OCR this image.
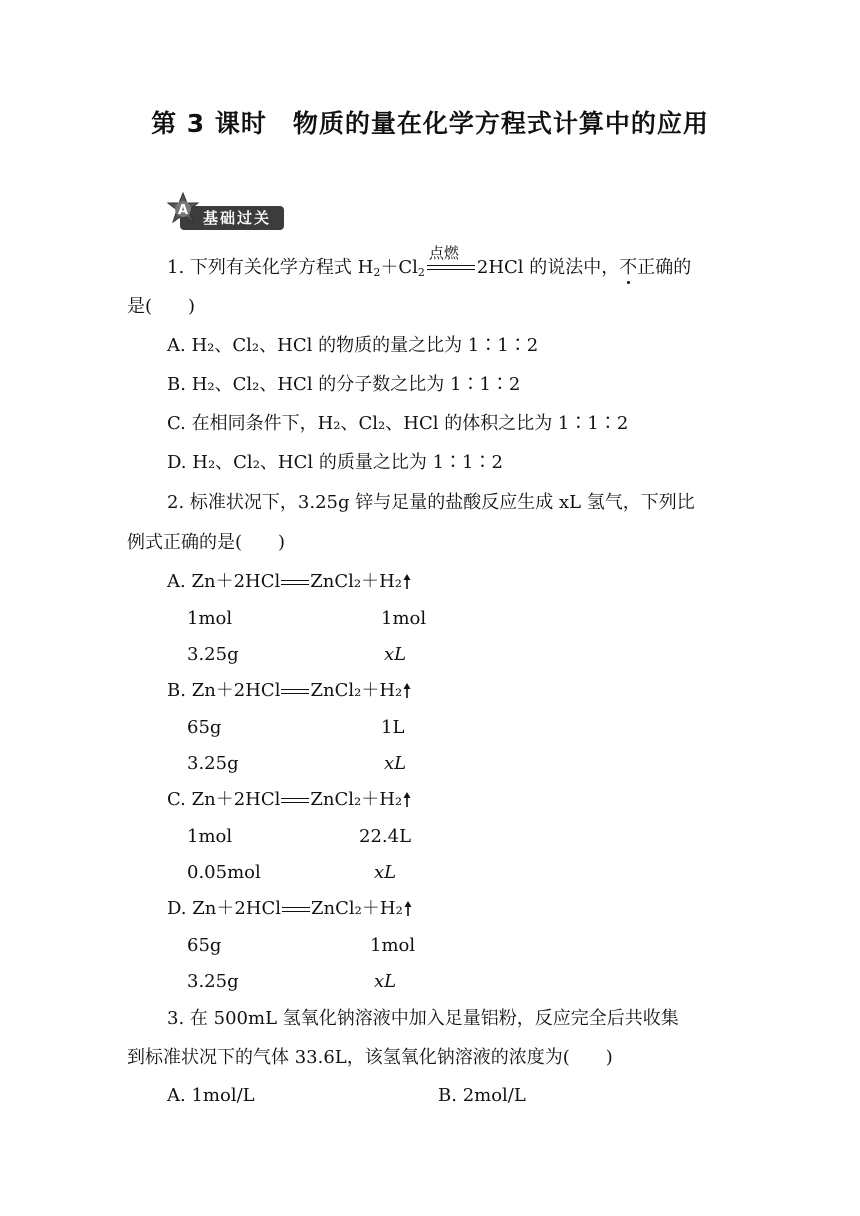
第 3 课时 物质的量在化学方程式计算中的应用
基础过关
A
1. 下列有关化学方程式 $H_2+Cl_2$
点燃
2HCl 的说法中，不正确的
是(　　)
A. H₂、Cl₂、HCl 的物质的量之比为 1∶1∶2
B. H₂、Cl₂、HCl 的分子数之比为 1∶1∶2
C. 在相同条件下，H₂、Cl₂、HCl 的体积之比为 1∶1∶2
D. H₂、Cl₂、HCl 的质量之比为 1∶1∶2
2. 标准状况下，3.25g 锌与足量的盐酸反应生成 xL 氢气，下列比
例式正确的是(　　)
A. Zn＋2HCl ZnCl₂＋H₂
1mol	1mol
3.25g	xL
B. Zn＋2HCl ZnCl₂＋H₂
65g	1L
3.25g	xL
C. Zn＋2HCl ZnCl₂＋H₂
1mol	22.4L
0.05mol	xL
D. Zn＋2HCl ZnCl₂＋H₂
65g	1mol
3.25g	xL
3. 在 500mL 氢氧化钠溶液中加入足量铝粉，反应完全后共收集
到标准状况下的气体 33.6L，该氢氧化钠溶液的浓度为(　　)
A. 1mol/L	B. 2mol/L
